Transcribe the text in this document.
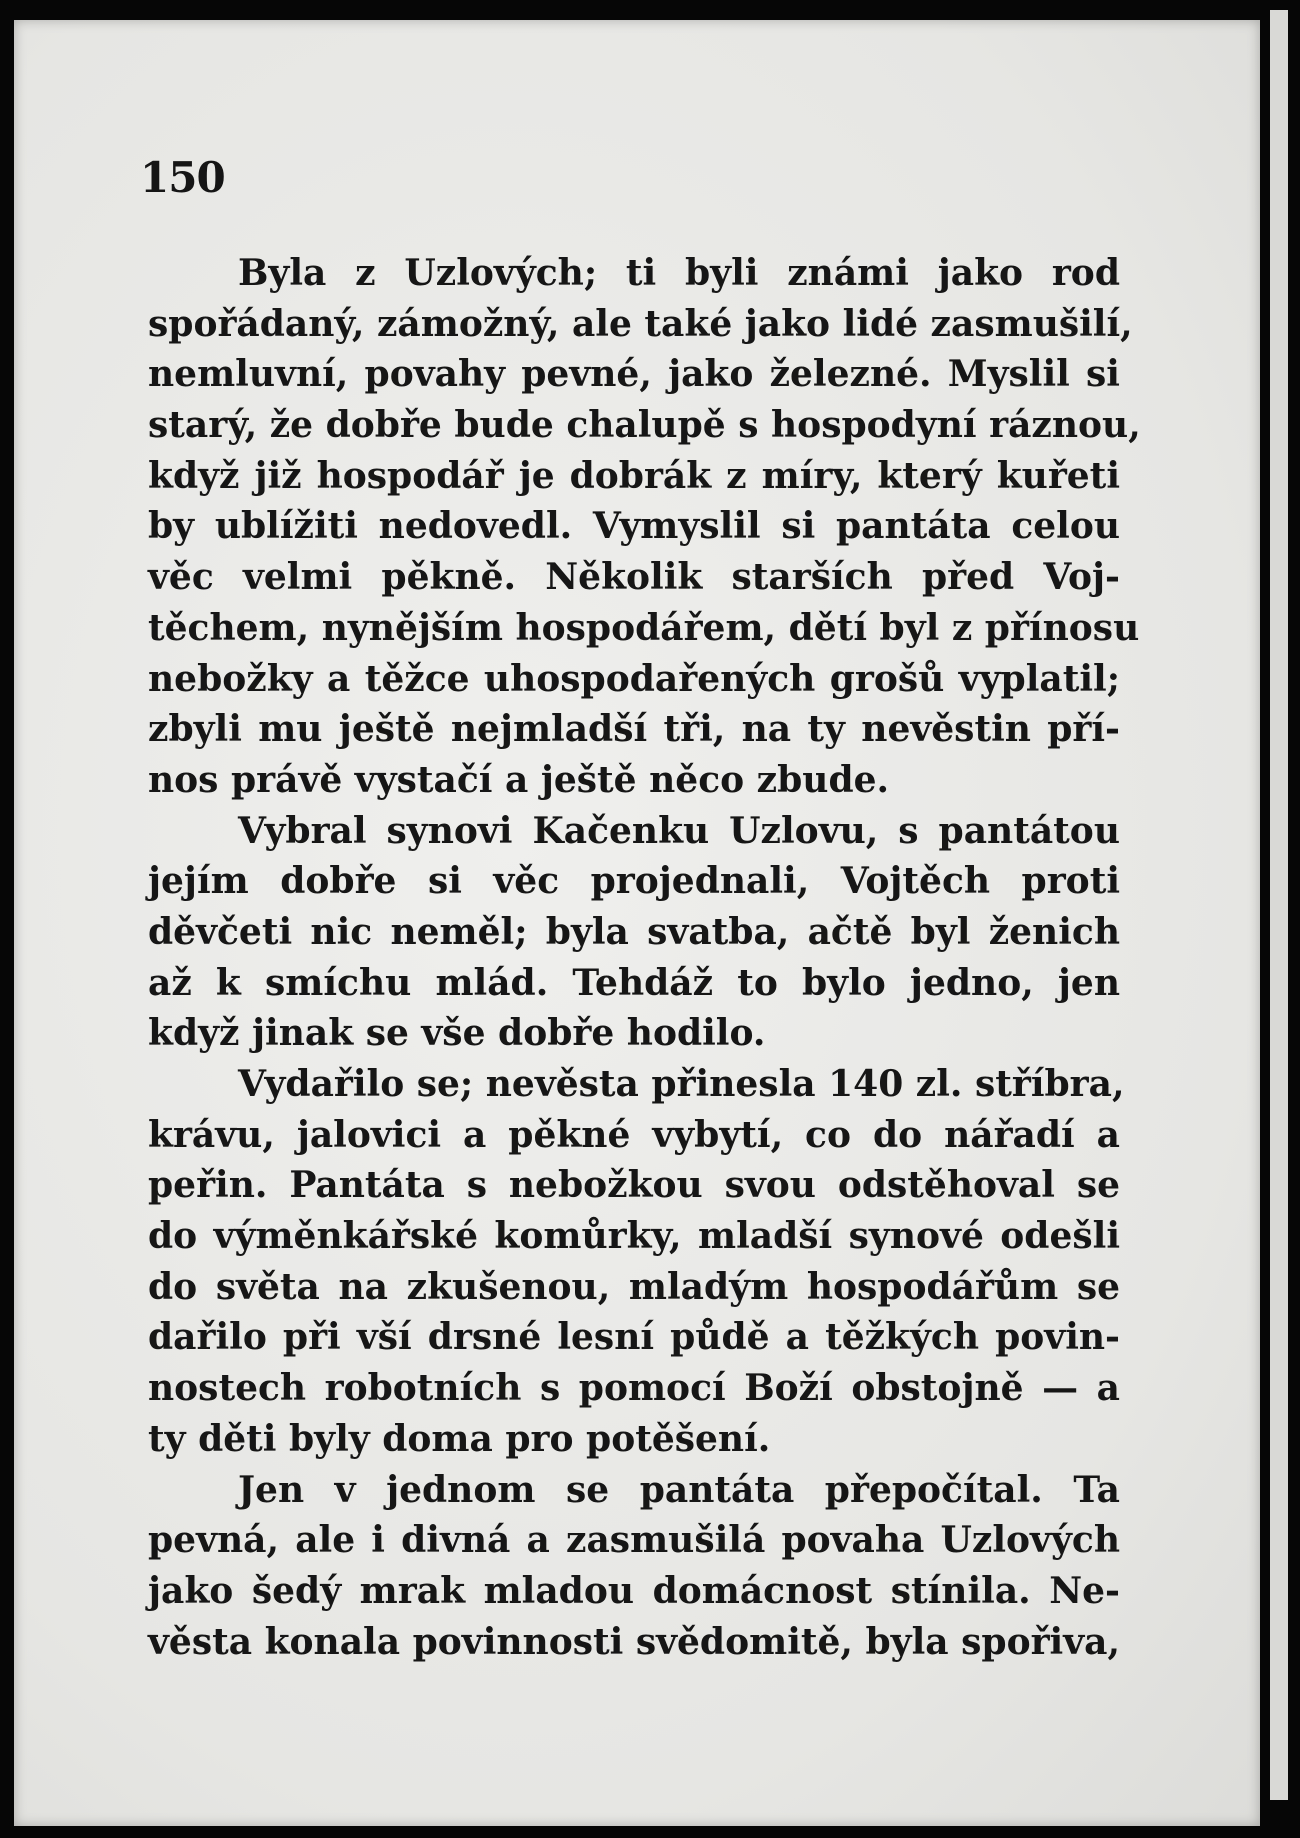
150

Byla z Uzlových; ti byli známi jako rod
spořádaný, zámožný, ale také jako lidé zasmušilí,
nemluvní, povahy pevné, jako železné. Myslil si
starý, že dobře bude chalupě s hospodyní ráznou,
když již hospodář je dobrák z míry, který kuřeti
by ublížiti nedovedl. Vymyslil si pantáta celou
věc velmi pěkně. Několik starších před Voj-
těchem, nynějším hospodářem, dětí byl z přínosu
nebožky a těžce uhospodařených grošů vyplatil;
zbyli mu ještě nejmladší tři, na ty nevěstin pří-
nos právě vystačí a ještě něco zbude.

Vybral synovi Kačenku Uzlovu, s pantátou
jejím dobře si věc projednali, Vojtěch proti
děvčeti nic neměl; byla svatba, ačtě byl ženich
až k smíchu mlád. Tehdáž to bylo jedno, jen
když jinak se vše dobře hodilo.

Vydařilo se; nevěsta přinesla 140 zl. stříbra,
krávu, jalovici a pěkné vybytí, co do nářadí a
peřin. Pantáta s nebožkou svou odstěhoval se
do výměnkářské komůrky, mladší synové odešli
do světa na zkušenou, mladým hospodářům se
dařilo při vší drsné lesní půdě a těžkých povin-
nostech robotních s pomocí Boží obstojně — a
ty děti byly doma pro potěšení.

Jen v jednom se pantáta přepočítal. Ta
pevná, ale i divná a zasmušilá povaha Uzlových
jako šedý mrak mladou domácnost stínila. Ne-
věsta konala povinnosti svědomitě, byla spořiva,
